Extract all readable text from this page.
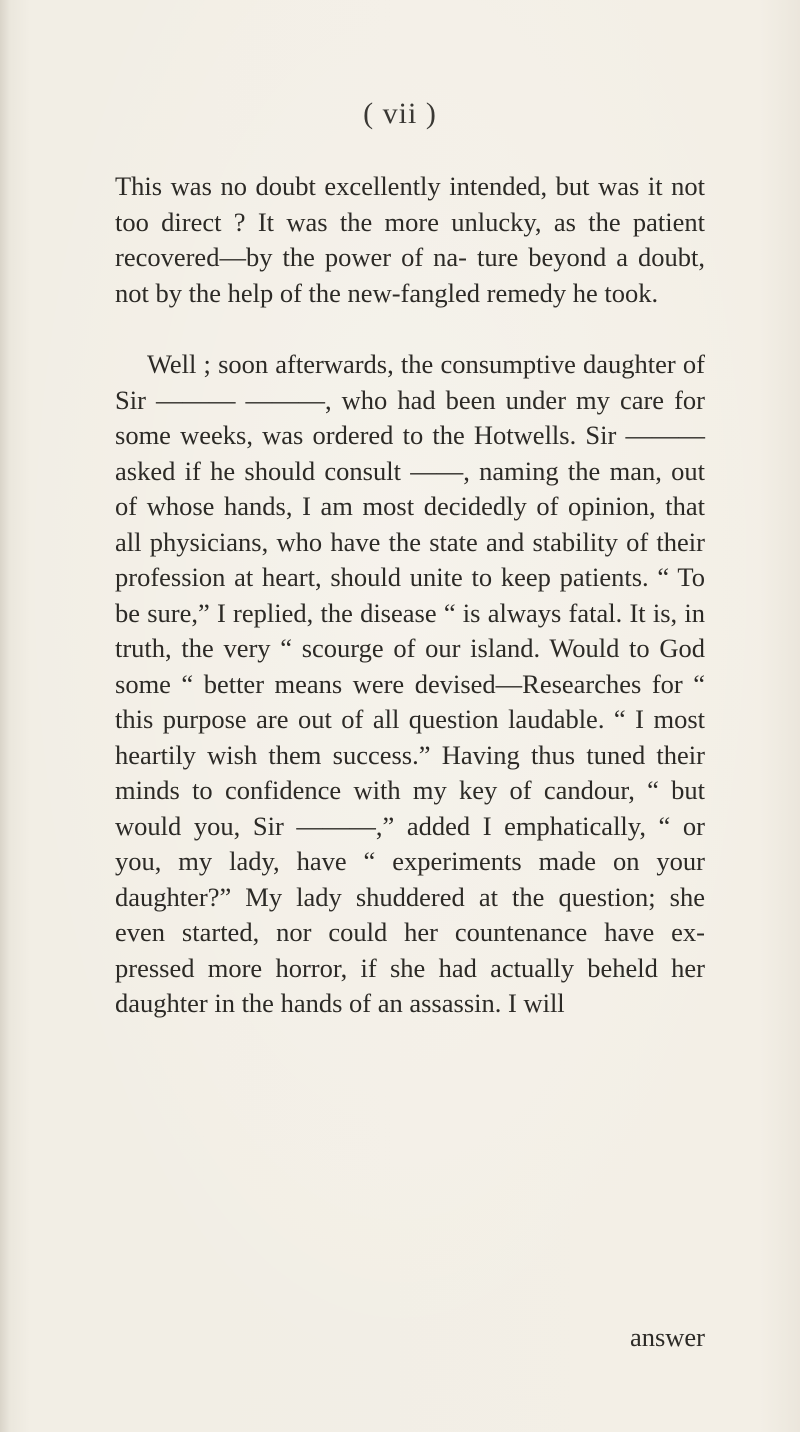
( vii )

This was no doubt excellently intended, but was it not too direct ? It was the more unlucky, as the patient recovered—by the power of na- ture beyond a doubt, not by the help of the new-fangled remedy he took.

Well ; soon afterwards, the consumptive daughter of Sir ——— ———, who had been under my care for some weeks, was ordered to the Hotwells. Sir ——— asked if he should consult ——, naming the man, out of whose hands, I am most decidedly of opinion, that all physicians, who have the state and stability of their profession at heart, should unite to keep patients. “ To be sure,” I replied, the disease “ is always fatal. It is, in truth, the very “ scourge of our island. Would to God some “ better means were devised—Researches for “ this purpose are out of all question laudable. “ I most heartily wish them success.” Having thus tuned their minds to confidence with my key of candour, “ but would you, Sir ———,” added I emphatically, “ or you, my lady, have “ experiments made on your daughter?” My lady shuddered at the question; she even started, nor could her countenance have ex- pressed more horror, if she had actually beheld her daughter in the hands of an assassin. I will

answer
